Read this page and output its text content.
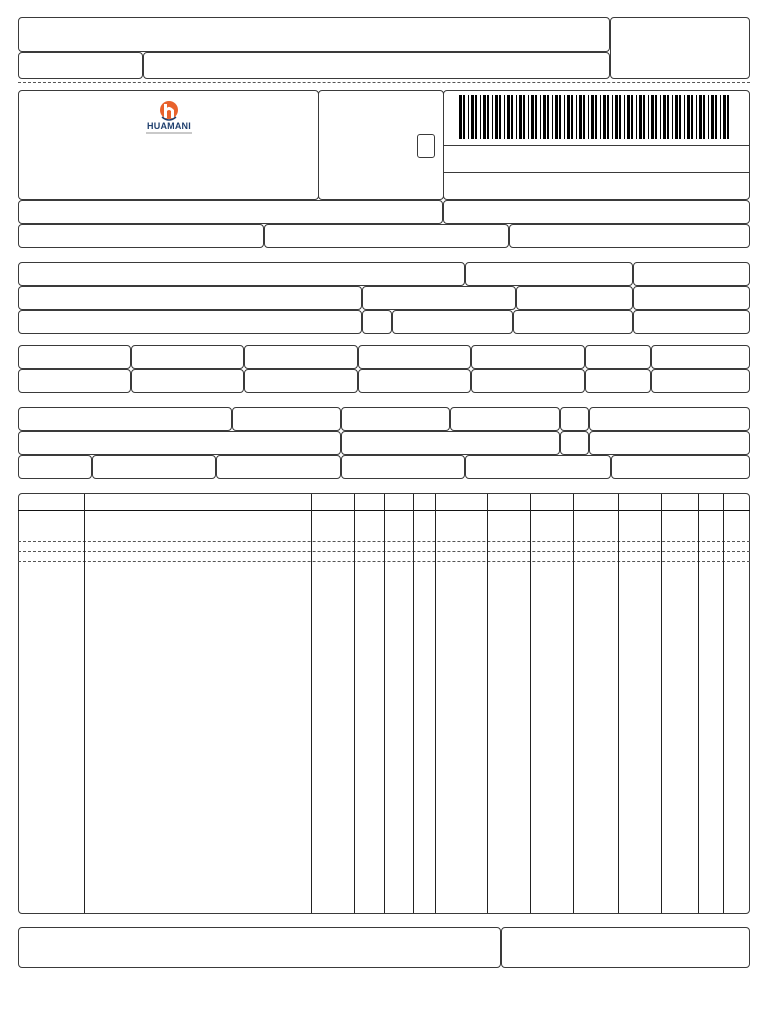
HUAMANI
